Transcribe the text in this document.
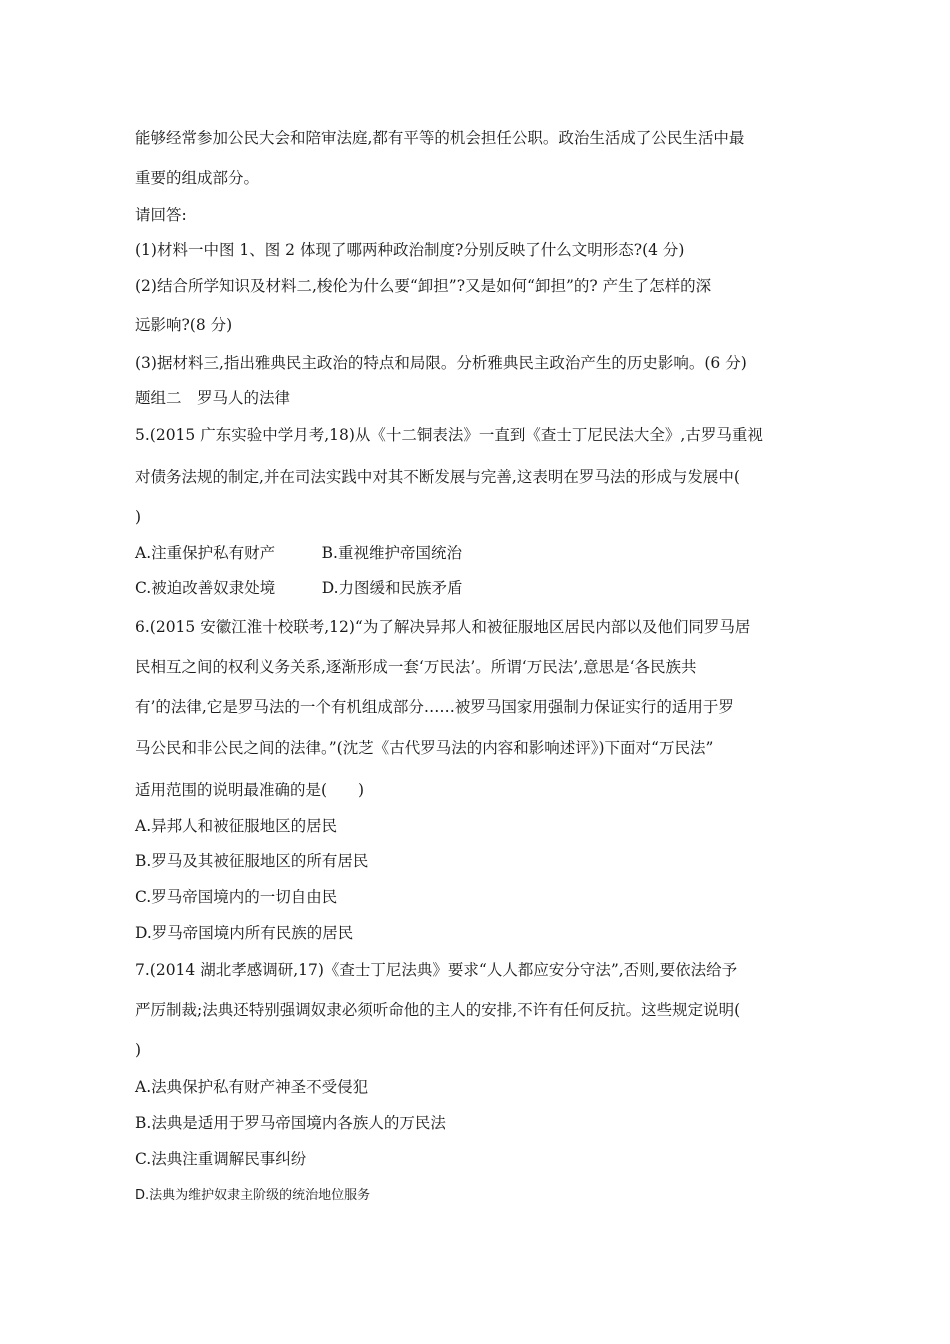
能够经常参加公民大会和陪审法庭,都有平等的机会担任公职。政治生活成了公民生活中最
重要的组成部分。
请回答:
(1)材料一中图 1、图 2 体现了哪两种政治制度?分别反映了什么文明形态?(4 分)
(2)结合所学知识及材料二,梭伦为什么要“卸担”?又是如何“卸担”的? 产生了怎样的深
远影响?(8 分)
(3)据材料三,指出雅典民主政治的特点和局限。分析雅典民主政治产生的历史影响。(6 分)
题组二　罗马人的法律
5.(2015 广东实验中学月考,18)从《十二铜表法》一直到《查士丁尼民法大全》,古罗马重视
对债务法规的制定,并在司法实践中对其不断发展与完善,这表明在罗马法的形成与发展中(
)
A.注重保护私有财产　　　B.重视维护帝国统治
C.被迫改善奴隶处境　　　D.力图缓和民族矛盾
6.(2015 安徽江淮十校联考,12)“为了解决异邦人和被征服地区居民内部以及他们同罗马居
民相互之间的权利义务关系,逐渐形成一套‘万民法’。所谓‘万民法’,意思是‘各民族共
有’的法律,它是罗马法的一个有机组成部分……被罗马国家用强制力保证实行的适用于罗
马公民和非公民之间的法律。”(沈芝《古代罗马法的内容和影响述评》)下面对“万民法”
适用范围的说明最准确的是(　　)
A.异邦人和被征服地区的居民
B.罗马及其被征服地区的所有居民
C.罗马帝国境内的一切自由民
D.罗马帝国境内所有民族的居民
7.(2014 湖北孝感调研,17)《查士丁尼法典》要求“人人都应安分守法”,否则,要依法给予
严厉制裁;法典还特别强调奴隶必须听命他的主人的安排,不许有任何反抗。这些规定说明(
)
A.法典保护私有财产神圣不受侵犯
B.法典是适用于罗马帝国境内各族人的万民法
C.法典注重调解民事纠纷
D.法典为维护奴隶主阶级的统治地位服务
